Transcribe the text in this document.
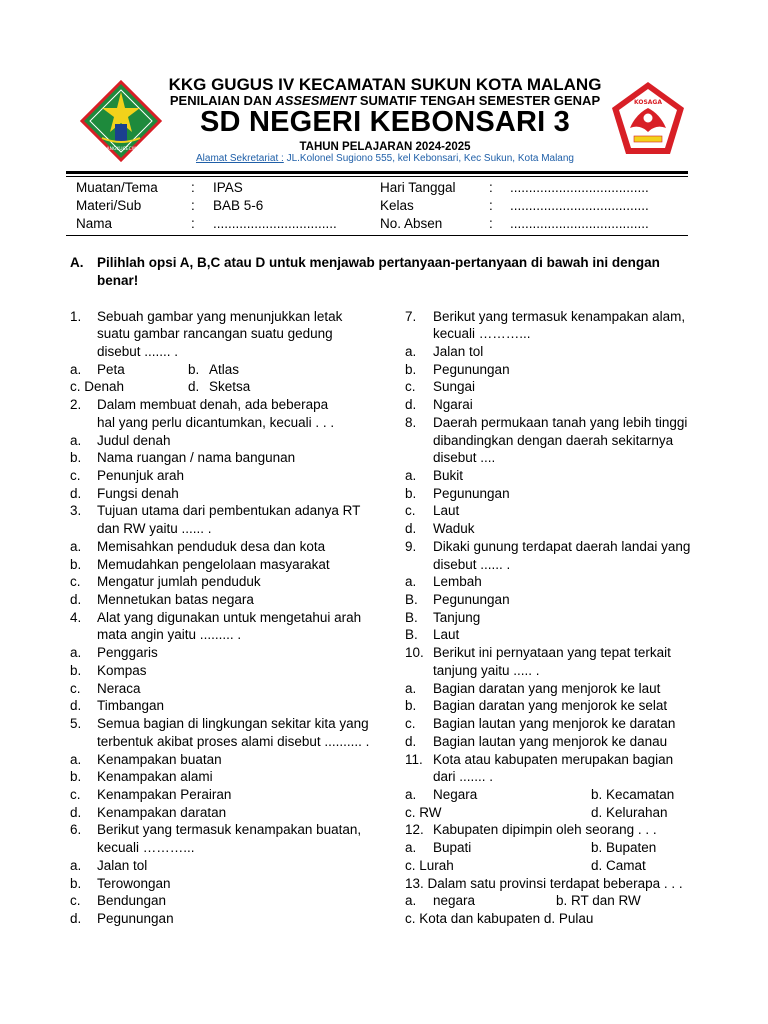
MALANGKUCECWARA
KOSAGA
KKG GUGUS IV KECAMATAN SUKUN KOTA MALANG
PENILAIAN DAN ASSESMENT SUMATIF TENGAH SEMESTER GENAP
SD NEGERI KEBONSARI 3
TAHUN PELAJARAN 2024-2025
Alamat Sekretariat : JL.Kolonel Sugiono 555, kel Kebonsari, Kec Sukun, Kota Malang
Muatan/Tema : IPAS	Hari Tanggal : .....................................
Materi/Sub	: BAB 5-6	Kelas	: .....................................
Nama	: .................................	No. Absen	: .....................................
A. Pilihlah opsi A, B,C atau D untuk menjawab pertanyaan-pertanyaan di bawah ini dengan
benar!
1. Sebuah gambar yang menunjukkan letak
suatu gambar rancangan suatu gedung
disebut ....... .
a. Peta	b. Atlas
c. Denah	d. Sketsa
2. Dalam membuat denah, ada beberapa
hal yang perlu dicantumkan, kecuali . . .
a. Judul denah
b. Nama ruangan / nama bangunan
c. Penunjuk arah
d. Fungsi denah
3. Tujuan utama dari pembentukan adanya RT
dan RW yaitu ...... .
a. Memisahkan penduduk desa dan kota
b. Memudahkan pengelolaan masyarakat
c. Mengatur jumlah penduduk
d. Mennetukan batas negara
4. Alat yang digunakan untuk mengetahui arah
mata angin yaitu ......... .
a. Penggaris
b. Kompas
c. Neraca
d. Timbangan
5. Semua bagian di lingkungan sekitar kita yang
terbentuk akibat proses alami disebut .......... .
a. Kenampakan buatan
b. Kenampakan alami
c. Kenampakan Perairan
d. Kenampakan daratan
6. Berikut yang termasuk kenampakan buatan,
kecuali ………...
a. Jalan tol
b. Terowongan
c. Bendungan
d. Pegunungan
7. Berikut yang termasuk kenampakan alam,
kecuali ………...
a. Jalan tol
b. Pegunungan
c. Sungai
d. Ngarai
8. Daerah permukaan tanah yang lebih tinggi
dibandingkan dengan daerah sekitarnya
disebut ....
a. Bukit
b. Pegunungan
c. Laut
d. Waduk
9. Dikaki gunung terdapat daerah landai yang
disebut ...... .
a. Lembah
B. Pegunungan
B. Tanjung
B. Laut
10. Berikut ini pernyataan yang tepat terkait
tanjung yaitu ..... .
a. Bagian daratan yang menjorok ke laut
b. Bagian daratan yang menjorok ke selat
c. Bagian lautan yang menjorok ke daratan
d. Bagian lautan yang menjorok ke danau
11. Kota atau kabupaten merupakan bagian
dari ....... .
a. Negara	b. Kecamatan
c. RW	d. Kelurahan
12. Kabupaten dipimpin oleh seorang . . .
a. Bupati	b. Bupaten
c. Lurah	d. Camat
13. Dalam satu provinsi terdapat beberapa . . .
a. negara	b. RT dan RW
c. Kota dan kabupaten d. Pulau
